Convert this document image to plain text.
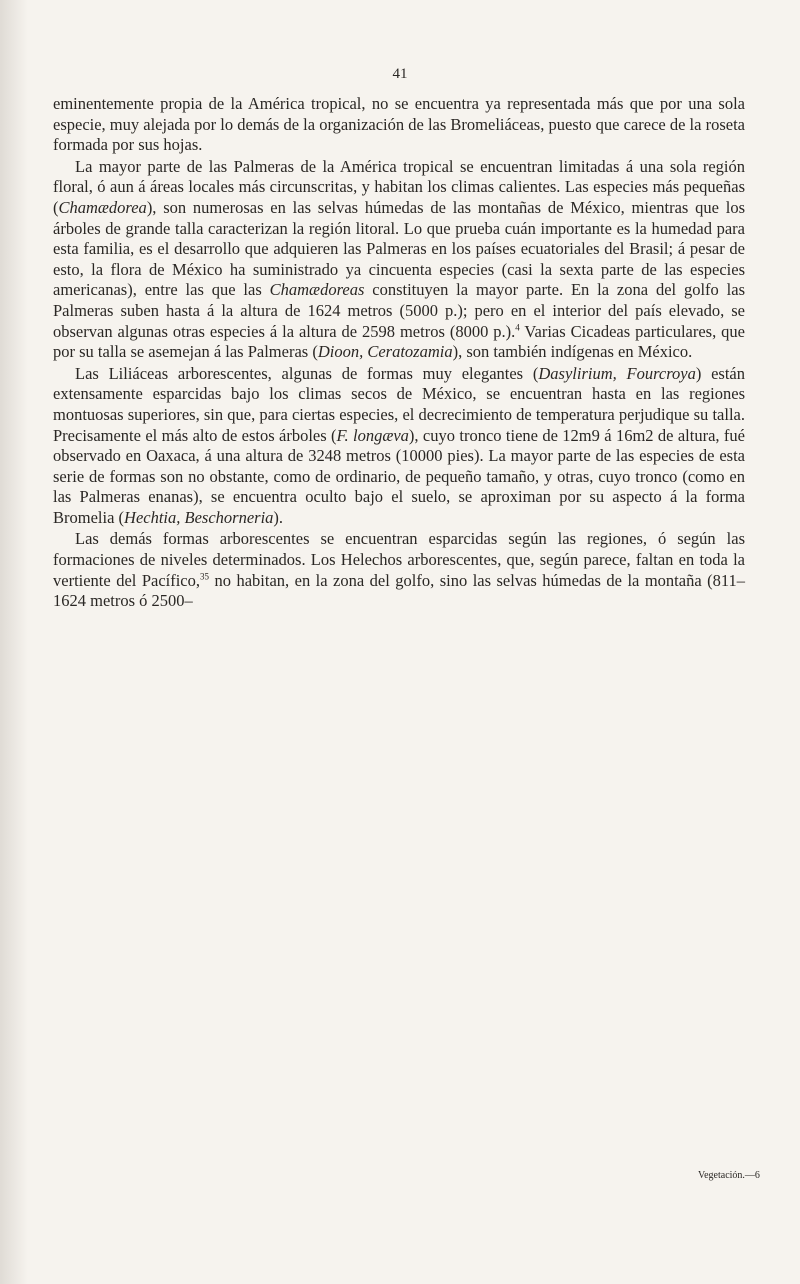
41

eminentemente propia de la América tropical, no se encuentra ya representada más que por una sola especie, muy alejada por lo demás de la organización de las Bromeliáceas, puesto que carece de la roseta formada por sus hojas.

La mayor parte de las Palmeras de la América tropical se encuentran limitadas á una sola región floral, ó aun á áreas locales más circunscritas, y habitan los climas calientes. Las especies más pequeñas (Chamædorea), son numerosas en las selvas húmedas de las montañas de México, mientras que los árboles de grande talla caracterizan la región litoral. Lo que prueba cuán importante es la humedad para esta familia, es el desarrollo que adquieren las Palmeras en los países ecuatoriales del Brasil; á pesar de esto, la flora de México ha suministrado ya cincuenta especies (casi la sexta parte de las especies americanas), entre las que las Chamædoreas constituyen la mayor parte. En la zona del golfo las Palmeras suben hasta á la altura de 1624 metros (5000 p.); pero en el interior del país elevado, se observan algunas otras especies á la altura de 2598 metros (8000 p.).$^4$ Varias Cicadeas particulares, que por su talla se asemejan á las Palmeras (Dioon, Ceratozamia), son también indígenas en México.

Las Liliáceas arborescentes, algunas de formas muy elegantes (Dasylirium, Fourcroya) están extensamente esparcidas bajo los climas secos de México, se encuentran hasta en las regiones montuosas superiores, sin que, para ciertas especies, el decrecimiento de temperatura perjudique su talla. Precisamente el más alto de estos árboles (F. longæva), cuyo tronco tiene de 12m9 á 16m2 de altura, fué observado en Oaxaca, á una altura de 3248 metros (10000 pies). La mayor parte de las especies de esta serie de formas son no obstante, como de ordinario, de pequeño tamaño, y otras, cuyo tronco (como en las Palmeras enanas), se encuentra oculto bajo el suelo, se aproximan por su aspecto á la forma Bromelia (Hechtia, Beschorneria).

Las demás formas arborescentes se encuentran esparcidas según las regiones, ó según las formaciones de niveles determinados. Los Helechos arborescentes, que, según parece, faltan en toda la vertiente del Pacífico,$^{35}$ no habitan, en la zona del golfo, sino las selvas húmedas de la montaña (811–1624 metros ó 2500–

Vegetación.—6
